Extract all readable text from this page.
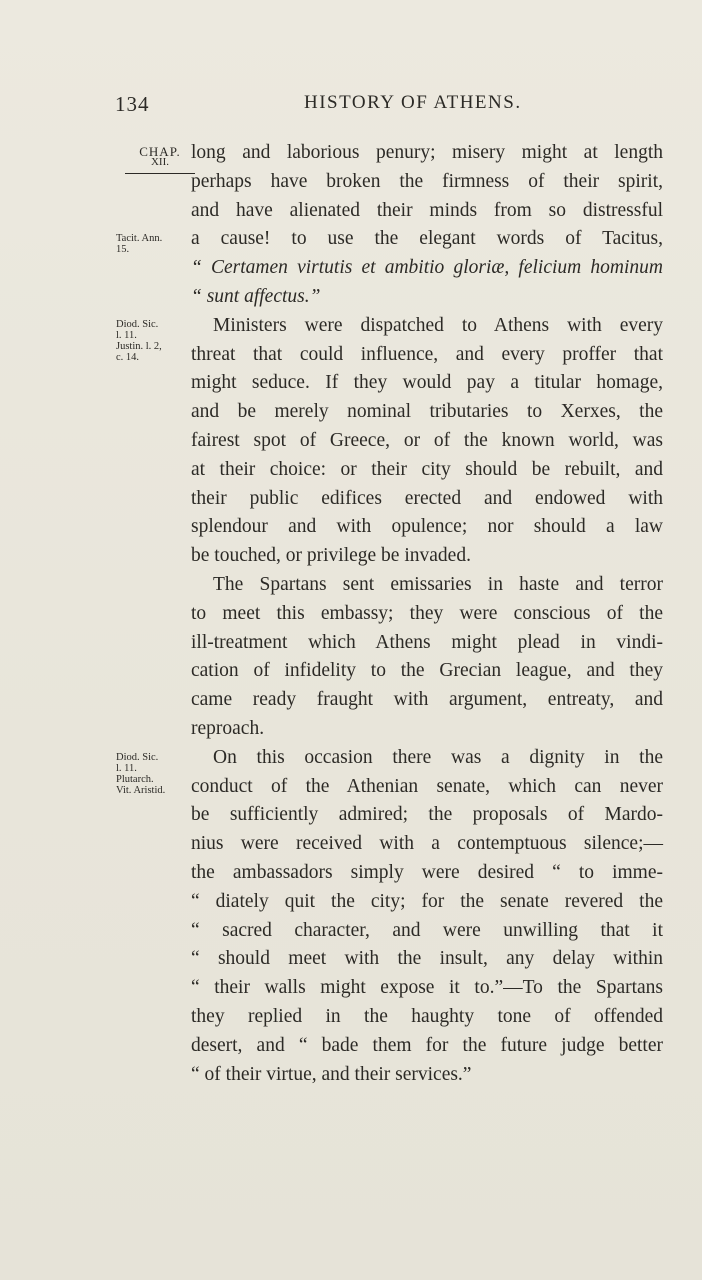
134	HISTORY OF ATHENS.
CHAP.
XII.
Tacit. Ann.
15.
Diod. Sic.
l. 11.
Justin. l. 2,
c. 14.
Diod. Sic.
l. 11.
Plutarch.
Vit. Aristid.
long and laborious penury; misery might at length
perhaps have broken the firmness of their spirit,
and have alienated their minds from so distressful
a cause! to use the elegant words of Tacitus,
“ Certamen virtutis et ambitio gloriæ, felicium hominum
“ sunt affectus.”
Ministers were dispatched to Athens with every
threat that could influence, and every proffer that
might seduce. If they would pay a titular homage,
and be merely nominal tributaries to Xerxes, the
fairest spot of Greece, or of the known world, was
at their choice: or their city should be rebuilt, and
their public edifices erected and endowed with
splendour and with opulence; nor should a law
be touched, or privilege be invaded.
The Spartans sent emissaries in haste and terror
to meet this embassy; they were conscious of the
ill-treatment which Athens might plead in vindi-
cation of infidelity to the Grecian league, and they
came ready fraught with argument, entreaty, and
reproach.
On this occasion there was a dignity in the
conduct of the Athenian senate, which can never
be sufficiently admired; the proposals of Mardo-
nius were received with a contemptuous silence;—
the ambassadors simply were desired “ to imme-
“ diately quit the city; for the senate revered the
“ sacred character, and were unwilling that it
“ should meet with the insult, any delay within
“ their walls might expose it to.”—To the Spartans
they replied in the haughty tone of offended
desert, and “ bade them for the future judge better
“ of their virtue, and their services.”
